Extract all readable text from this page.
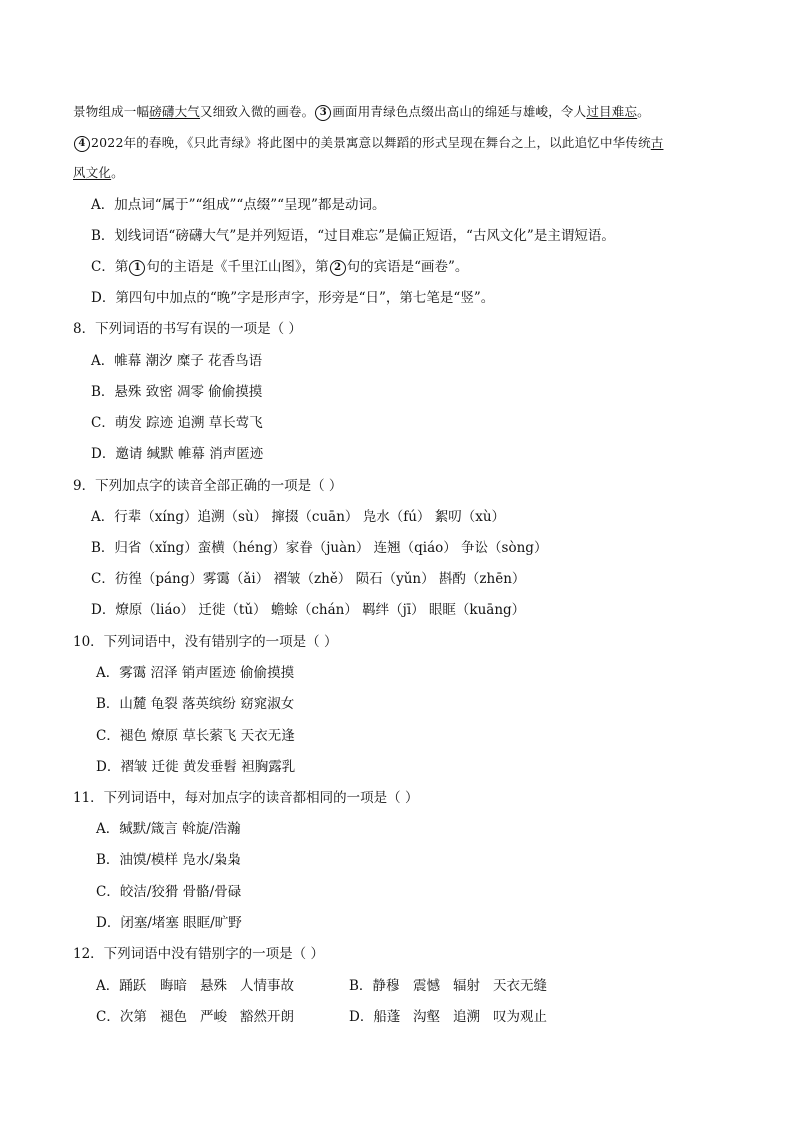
景物组成一幅磅礴大气又细致入微的画卷。 3 画面用青绿色点缀出高山的绵延与雄峻，令人过目难忘。
4 2022年的春晚，《只此青绿》将此图中的美景寓意以舞蹈的形式呈现在舞台之上，以此追忆中华传统古
风文化。
A．加点词“属于”“组成”“点缀”“呈现”都是动词。
B．划线词语“磅礴大气”是并列短语，“过目难忘”是偏正短语，“古风文化”是主谓短语。
C．第 1 句的主语是《千里江山图》，第 2 句的宾语是“画卷”。
D．第四句中加点的“晚”字是形声字，形旁是“日”，第七笔是“竖”。
8．下列词语的书写有误的一项是（ ）
A．帷幕 潮汐 糜子 花香鸟语
B．悬殊 致密 凋零 偷偷摸摸
C．萌发 踪迹 追溯 草长莺飞
D．邀请 缄默 帷幕 消声匿迹
9．下列加点字的读音全部正确的一项是（ ）
A．行辈（xíng）追溯（sù） 撺掇（cuān） 凫水（fú） 絮叨（xù）
B．归省（xǐng）蛮横（héng）家眷（juàn） 连翘（qiáo） 争讼（sòng）
C．彷徨（páng）雾霭（ǎi） 褶皱（zhě） 陨石（yǔn） 斟酌（zhēn）
D．燎原（liáo） 迁徙（tǔ） 蟾蜍（chán） 羁绊（jī） 眼眶（kuāng）
10．下列词语中，没有错别字的一项是（ ）
A．雾霭 沼泽 销声匿迹 偷偷摸摸
B．山麓 龟裂 落英缤纷 窈窕淑女
C．褪色 燎原 草长萦飞 天衣无逢
D．褶皱 迁徙 黄发垂髫 袒胸露乳
11．下列词语中，每对加点字的读音都相同的一项是（ ）
A．缄默/箴言 斡旋/浩瀚
B．油馍/模样 凫水/枭枭
C．皎洁/狡猾 骨骼/骨碌
D．闭塞/堵塞 眼眶/旷野
12．下列词语中没有错别字的一项是（ ）
A．踊跃 晦暗 悬殊 人情事故	B．静穆 震憾 辐射 天衣无缝
C．次第 褪色 严峻 豁然开朗	D．船蓬 沟壑 追溯 叹为观止
